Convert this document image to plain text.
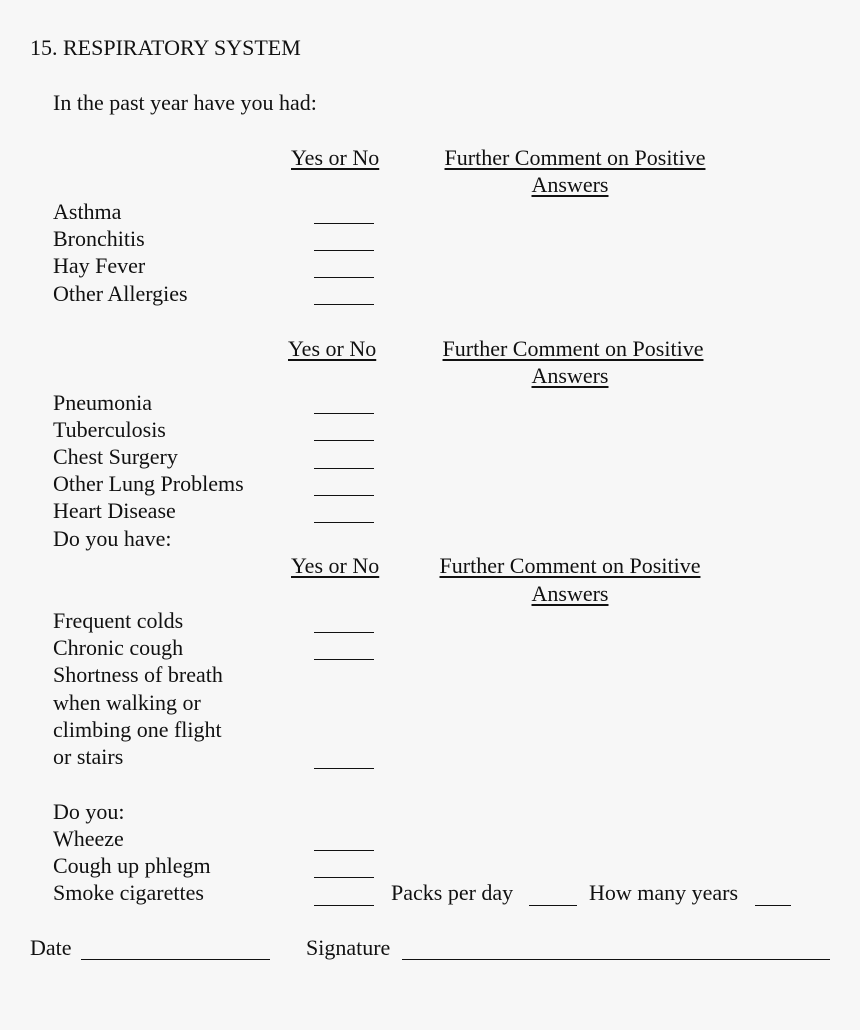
15. RESPIRATORY SYSTEM
In the past year have you had:
Yes or No	Further Comment on Positive
Answers
Asthma
Bronchitis
Hay Fever
Other Allergies
Yes or No	Further Comment on Positive
Answers
Pneumonia
Tuberculosis
Chest Surgery
Other Lung Problems
Heart Disease
Do you have:
Yes or No	Further Comment on Positive
Answers
Frequent colds
Chronic cough
Shortness of breath
when walking or
climbing one flight
or stairs
Do you:
Wheeze
Cough up phlegm
Smoke cigarettes	Packs per day	How many years
Date	Signature
